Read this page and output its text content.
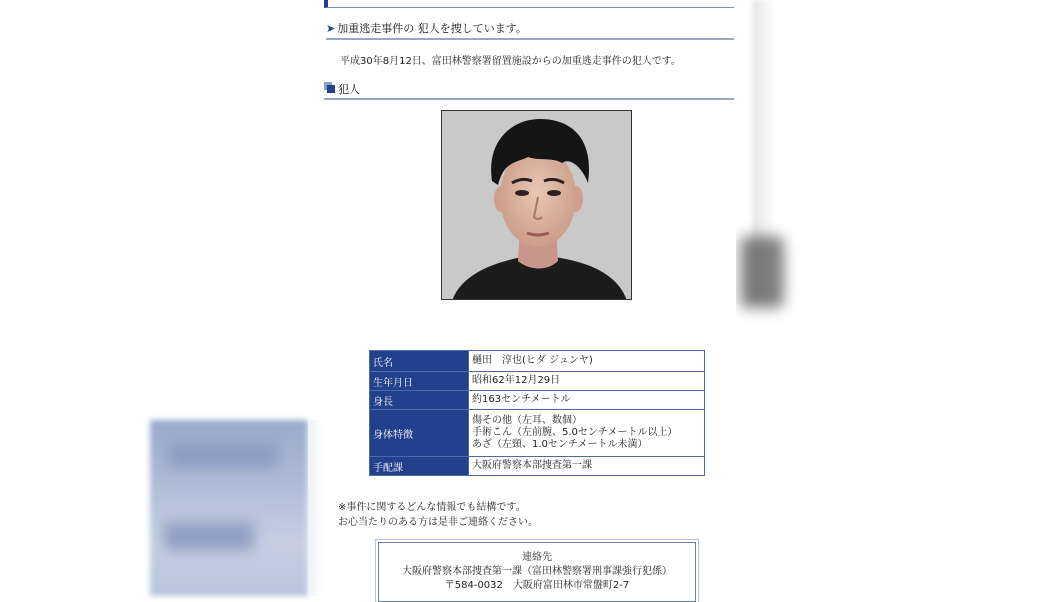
➤ 加重逃走事件の 犯人を捜しています。
平成30年8月12日、富田林警察署留置施設からの加重逃走事件の犯人です。
犯人
氏名	樋田　淳也(ヒダ ジュンヤ)
生年月日	昭和62年12月29日
身長	約163センチメートル
身体特徴	傷その他（左耳、数個）
手術こん（左前腕、5.0センチメートル以上）
あざ（左頸、1.0センチメートル未満）

手配課	大阪府警察本部捜査第一課
※事件に関するどんな情報でも結構です。
お心当たりのある方は是非ご連絡ください。
連絡先
大阪府警察本部捜査第一課（富田林警察署刑事課強行犯係）
〒584-0032　大阪府富田林市常盤町2-7
